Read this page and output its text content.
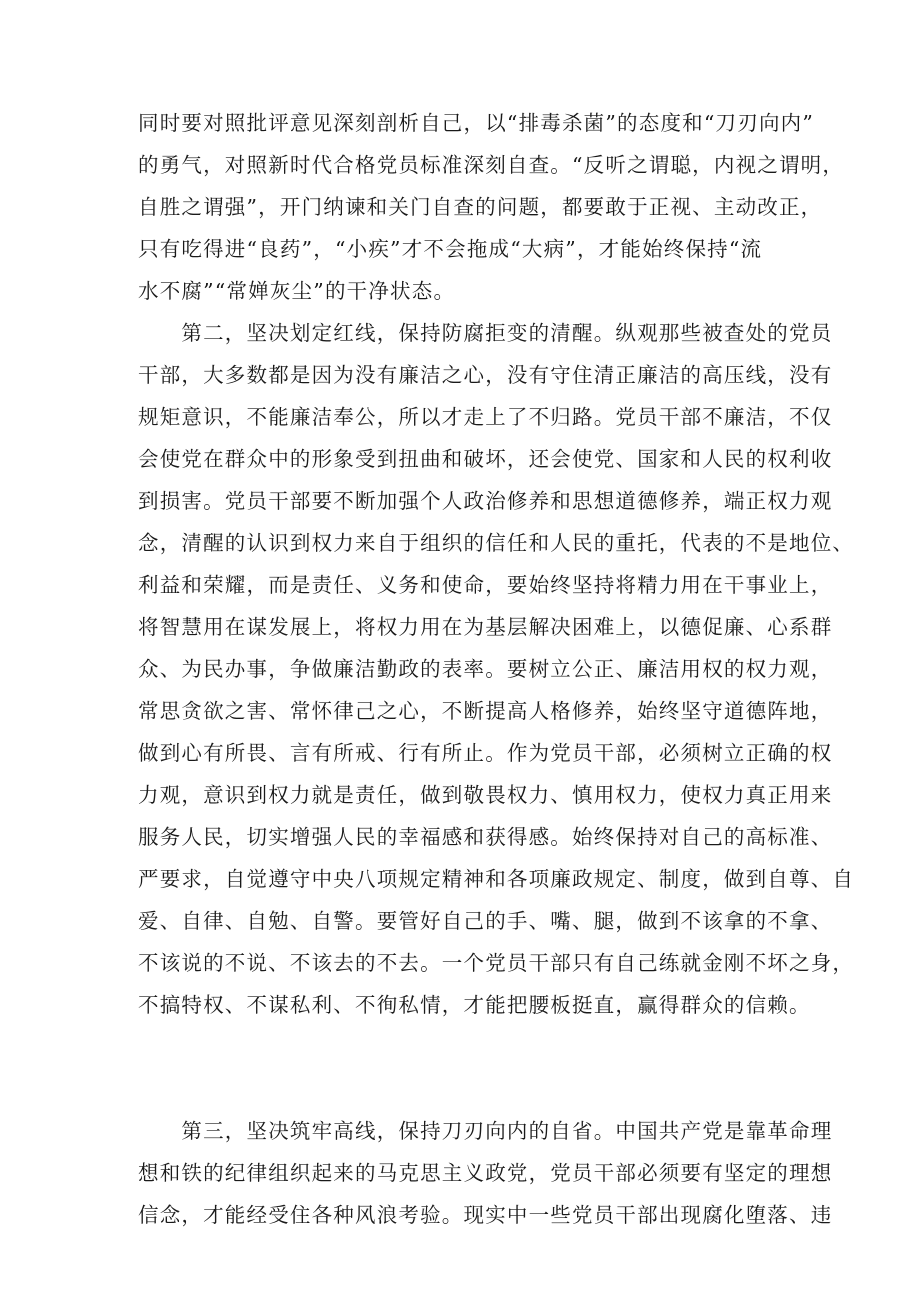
同时要对照批评意见深刻剖析自己，以“排毒杀菌”的态度和“刀刃向内”
的勇气，对照新时代合格党员标准深刻自查。“反听之谓聪，内视之谓明，
自胜之谓强”，开门纳谏和关门自查的问题，都要敢于正视、主动改正，
只有吃得进“良药”，“小疾”才不会拖成“大病”，才能始终保持“流
水不腐”“常婵灰尘”的干净状态。
　　第二，坚决划定红线，保持防腐拒变的清醒。纵观那些被查处的党员
干部，大多数都是因为没有廉洁之心，没有守住清正廉洁的高压线，没有
规矩意识，不能廉洁奉公，所以才走上了不归路。党员干部不廉洁，不仅
会使党在群众中的形象受到扭曲和破坏，还会使党、国家和人民的权利收
到损害。党员干部要不断加强个人政治修养和思想道德修养，端正权力观
念，清醒的认识到权力来自于组织的信任和人民的重托，代表的不是地位、
利益和荣耀，而是责任、义务和使命，要始终坚持将精力用在干事业上，
将智慧用在谋发展上，将权力用在为基层解决困难上，以德促廉、心系群
众、为民办事，争做廉洁勤政的表率。要树立公正、廉洁用权的权力观，
常思贪欲之害、常怀律己之心，不断提高人格修养，始终坚守道德阵地，
做到心有所畏、言有所戒、行有所止。作为党员干部，必须树立正确的权
力观，意识到权力就是责任，做到敬畏权力、慎用权力，使权力真正用来
服务人民，切实增强人民的幸福感和获得感。始终保持对自己的高标准、
严要求，自觉遵守中央八项规定精神和各项廉政规定、制度，做到自尊、自
爱、自律、自勉、自警。要管好自己的手、嘴、腿，做到不该拿的不拿、
不该说的不说、不该去的不去。一个党员干部只有自己练就金刚不坏之身，
不搞特权、不谋私利、不徇私情，才能把腰板挺直，赢得群众的信赖。
　　第三，坚决筑牢高线，保持刀刃向内的自省。中国共产党是靠革命理
想和铁的纪律组织起来的马克思主义政党，党员干部必须要有坚定的理想
信念，才能经受住各种风浪考验。现实中一些党员干部出现腐化堕落、违
